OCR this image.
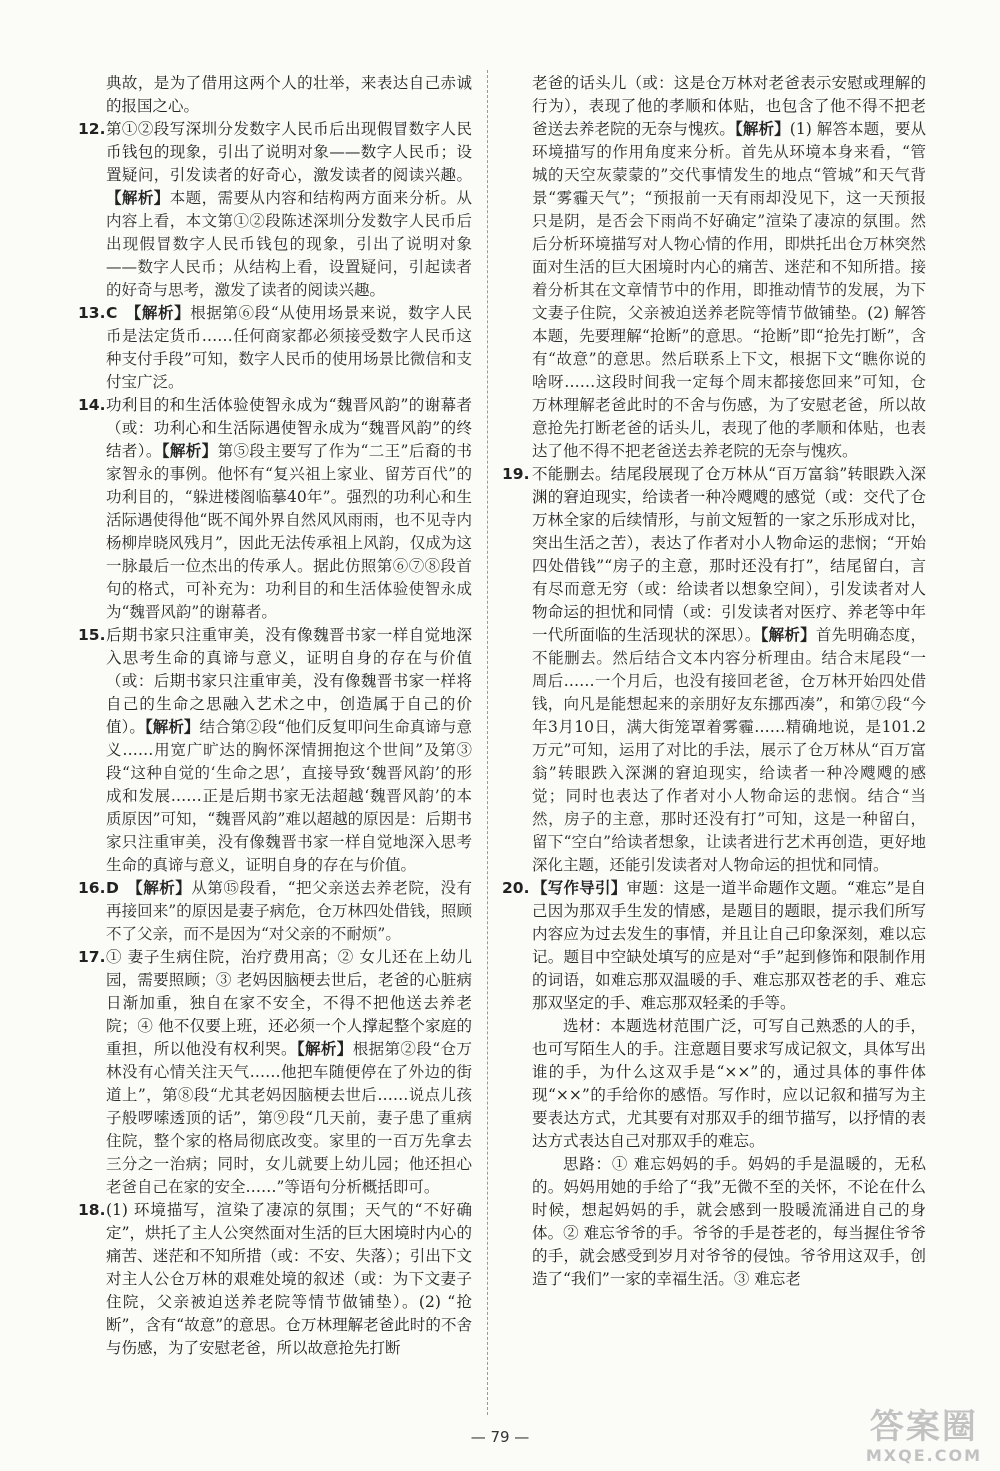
典故，是为了借用这两个人的壮举，来表达自己赤诚的报国之心。

12. 第①②段写深圳分发数字人民币后出现假冒数字人民币钱包的现象，引出了说明对象——数字人民币；设置疑问，引发读者的好奇心，激发读者的阅读兴趣。【解析】本题，需要从内容和结构两方面来分析。从内容上看，本文第①②段陈述深圳分发数字人民币后出现假冒数字人民币钱包的现象，引出了说明对象——数字人民币；从结构上看，设置疑问，引起读者的好奇与思考，激发了读者的阅读兴趣。
13. C 【解析】根据第⑥段“从使用场景来说，数字人民币是法定货币……任何商家都必须接受数字人民币这种支付手段”可知，数字人民币的使用场景比微信和支付宝广泛。
14. 功利目的和生活体验使智永成为“魏晋风韵”的谢幕者（或：功利心和生活际遇使智永成为“魏晋风韵”的终结者）。【解析】第⑤段主要写了作为“二王”后裔的书家智永的事例。他怀有“复兴祖上家业、留芳百代”的功利目的，“躲进楼阁临摹40年”。强烈的功利心和生活际遇使得他“既不闻外界自然风风雨雨，也不见寺内杨柳岸晓风残月”，因此无法传承祖上风韵，仅成为这一脉最后一位杰出的传承人。据此仿照第⑥⑦⑧段首句的格式，可补充为：功利目的和生活体验使智永成为“魏晋风韵”的谢幕者。
15. 后期书家只注重审美，没有像魏晋书家一样自觉地深入思考生命的真谛与意义，证明自身的存在与价值（或：后期书家只注重审美，没有像魏晋书家一样将自己的生命之思融入艺术之中，创造属于自己的价值）。【解析】结合第②段“他们反复叩问生命真谛与意义……用宽广旷达的胸怀深情拥抱这个世间”及第③段“这种自觉的‘生命之思’，直接导致‘魏晋风韵’的形成和发展……正是后期书家无法超越‘魏晋风韵’的本质原因”可知，“魏晋风韵”难以超越的原因是：后期书家只注重审美，没有像魏晋书家一样自觉地深入思考生命的真谛与意义，证明自身的存在与价值。
16. D 【解析】从第⑮段看，“把父亲送去养老院，没有再接回来”的原因是妻子病危，仓万林四处借钱，照顾不了父亲，而不是因为“对父亲的不耐烦”。
17. ① 妻子生病住院，治疗费用高；② 女儿还在上幼儿园，需要照顾；③ 老妈因脑梗去世后，老爸的心脏病日渐加重，独自在家不安全，不得不把他送去养老院；④ 他不仅要上班，还必须一个人撑起整个家庭的重担，所以他没有权利哭。【解析】根据第②段“仓万林没有心情关注天气……他把车随便停在了外边的街道上”，第⑧段“尤其老妈因脑梗去世后……说点儿孩子般啰嗦透顶的话”，第⑨段“几天前，妻子患了重病住院，整个家的格局彻底改变。家里的一百万先拿去三分之一治病；同时，女儿就要上幼儿园；他还担心老爸自己在家的安全……”等语句分析概括即可。
18. (1) 环境描写，渲染了凄凉的氛围；天气的“不好确定”，烘托了主人公突然面对生活的巨大困境时内心的痛苦、迷茫和不知所措（或：不安、失落）；引出下文对主人公仓万林的艰难处境的叙述（或：为下文妻子住院，父亲被迫送养老院等情节做铺垫）。(2) “抢断”，含有“故意”的意思。仓万林理解老爸此时的不舍与伤感，为了安慰老爸，所以故意抢先打断

老爸的话头儿（或：这是仓万林对老爸表示安慰或理解的行为），表现了他的孝顺和体贴，也包含了他不得不把老爸送去养老院的无奈与愧疚。【解析】(1) 解答本题，要从环境描写的作用角度来分析。首先从环境本身来看，“管城的天空灰蒙蒙的”交代事情发生的地点“管城”和天气背景“雾霾天气”；“预报前一天有雨却没见下，这一天预报只是阴，是否会下雨尚不好确定”渲染了凄凉的氛围。然后分析环境描写对人物心情的作用，即烘托出仓万林突然面对生活的巨大困境时内心的痛苦、迷茫和不知所措。接着分析其在文章情节中的作用，即推动情节的发展，为下文妻子住院，父亲被迫送养老院等情节做铺垫。(2) 解答本题，先要理解“抢断”的意思。“抢断”即“抢先打断”，含有“故意”的意思。然后联系上下文，根据下文“瞧你说的啥呀……这段时间我一定每个周末都接您回来”可知，仓万林理解老爸此时的不舍与伤感，为了安慰老爸，所以故意抢先打断老爸的话头儿，表现了他的孝顺和体贴，也表达了他不得不把老爸送去养老院的无奈与愧疚。

19. 不能删去。结尾段展现了仓万林从“百万富翁”转眼跌入深渊的窘迫现实，给读者一种冷飕飕的感觉（或：交代了仓万林全家的后续情形，与前文短暂的一家之乐形成对比，突出生活之苦），表达了作者对小人物命运的悲悯；“开始四处借钱”“房子的主意，那时还没有打”，结尾留白，言有尽而意无穷（或：给读者以想象空间），引发读者对人物命运的担忧和同情（或：引发读者对医疗、养老等中年一代所面临的生活现状的深思）。【解析】首先明确态度，不能删去。然后结合文本内容分析理由。结合末尾段“一周后……一个月后，也没有接回老爸，仓万林开始四处借钱，向凡是能想起来的亲朋好友东挪西凑”，和第⑦段“今年3月10日，满大街笼罩着雾霾……精确地说，是101.2万元”可知，运用了对比的手法，展示了仓万林从“百万富翁”转眼跌入深渊的窘迫现实，给读者一种冷飕飕的感觉；同时也表达了作者对小人物命运的悲悯。结合“当然，房子的主意，那时还没有打”可知，这是一种留白，留下“空白”给读者想象，让读者进行艺术再创造，更好地深化主题，还能引发读者对人物命运的担忧和同情。
20. 【写作导引】审题：这是一道半命题作文题。“难忘”是自己因为那双手生发的情感，是题目的题眼，提示我们所写内容应为过去发生的事情，并且让自己印象深刻，难以忘记。题目中空缺处填写的应是对“手”起到修饰和限制作用的词语，如难忘那双温暖的手、难忘那双苍老的手、难忘那双坚定的手、难忘那双轻柔的手等。
选材：本题选材范围广泛，可写自己熟悉的人的手，也可写陌生人的手。注意题目要求写成记叙文，具体写出谁的手，为什么这双手是“××”的，通过具体的事件体现“××”的手给你的感悟。写作时，应以记叙和描写为主要表达方式，尤其要有对那双手的细节描写，以抒情的表达方式表达自己对那双手的难忘。
思路：① 难忘妈妈的手。妈妈的手是温暖的，无私的。妈妈用她的手给了“我”无微不至的关怀，不论在什么时候，想起妈妈的手，就会感到一股暖流涌进自己的身体。② 难忘爷爷的手。爷爷的手是苍老的，每当握住爷爷的手，就会感受到岁月对爷爷的侵蚀。爷爷用这双手，创造了“我们”一家的幸福生活。③ 难忘老
— 79 —	答案圈
MXQE.COM
